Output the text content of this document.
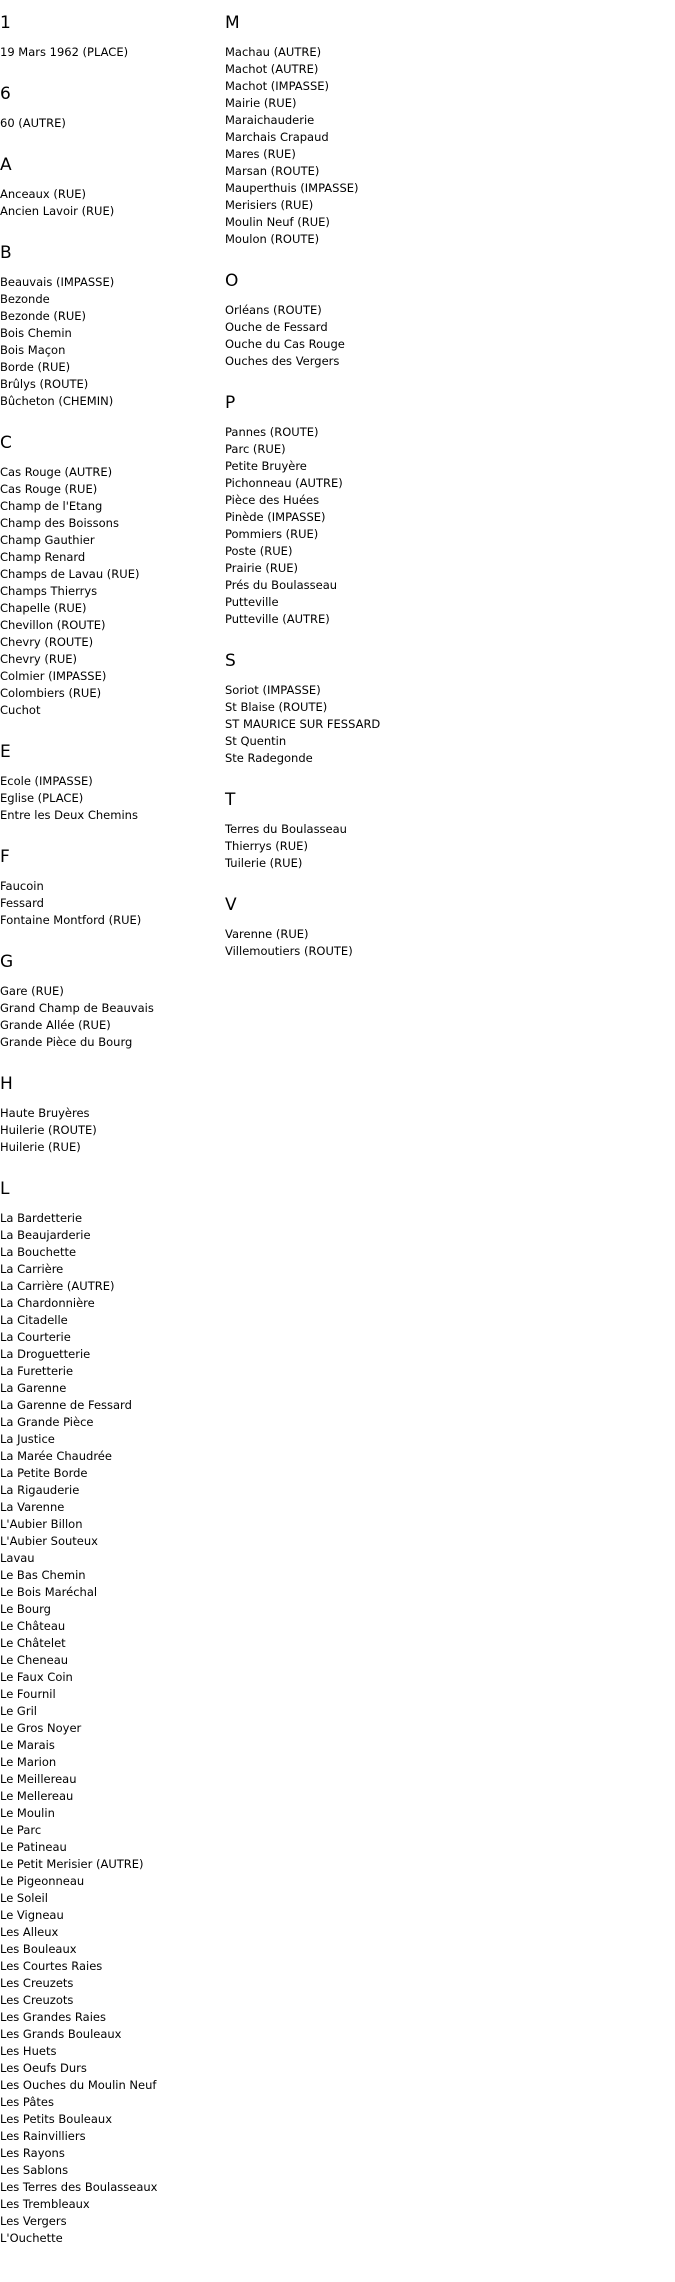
1
19 Mars 1962 (PLACE)
6
60 (AUTRE)
A
Anceaux (RUE)
Ancien Lavoir (RUE)
B
Beauvais (IMPASSE)
Bezonde
Bezonde (RUE)
Bois Chemin
Bois Maçon
Borde (RUE)
Brûlys (ROUTE)
Bûcheton (CHEMIN)
C
Cas Rouge (AUTRE)
Cas Rouge (RUE)
Champ de l'Etang
Champ des Boissons
Champ Gauthier
Champ Renard
Champs de Lavau (RUE)
Champs Thierrys
Chapelle (RUE)
Chevillon (ROUTE)
Chevry (ROUTE)
Chevry (RUE)
Colmier (IMPASSE)
Colombiers (RUE)
Cuchot
E
Ecole (IMPASSE)
Eglise (PLACE)
Entre les Deux Chemins
F
Faucoin
Fessard
Fontaine Montford (RUE)
G
Gare (RUE)
Grand Champ de Beauvais
Grande Allée (RUE)
Grande Pièce du Bourg
H
Haute Bruyères
Huilerie (ROUTE)
Huilerie (RUE)
L
La Bardetterie
La Beaujarderie
La Bouchette
La Carrière
La Carrière (AUTRE)
La Chardonnière
La Citadelle
La Courterie
La Droguetterie
La Furetterie
La Garenne
La Garenne de Fessard
La Grande Pièce
La Justice
La Marée Chaudrée
La Petite Borde
La Rigauderie
La Varenne
L'Aubier Billon
L'Aubier Souteux
Lavau
Le Bas Chemin
Le Bois Maréchal
Le Bourg
Le Château
Le Châtelet
Le Cheneau
Le Faux Coin
Le Fournil
Le Gril
Le Gros Noyer
Le Marais
Le Marion
Le Meillereau
Le Mellereau
Le Moulin
Le Parc
Le Patineau
Le Petit Merisier (AUTRE)
Le Pigeonneau
Le Soleil
Le Vigneau
Les Alleux
Les Bouleaux
Les Courtes Raies
Les Creuzets
Les Creuzots
Les Grandes Raies
Les Grands Bouleaux
Les Huets
Les Oeufs Durs
Les Ouches du Moulin Neuf
Les Pâtes
Les Petits Bouleaux
Les Rainvilliers
Les Rayons
Les Sablons
Les Terres des Boulasseaux
Les Trembleaux
Les Vergers
L'Ouchette
M
Machau (AUTRE)
Machot (AUTRE)
Machot (IMPASSE)
Mairie (RUE)
Maraichauderie
Marchais Crapaud
Mares (RUE)
Marsan (ROUTE)
Mauperthuis (IMPASSE)
Merisiers (RUE)
Moulin Neuf (RUE)
Moulon (ROUTE)
O
Orléans (ROUTE)
Ouche de Fessard
Ouche du Cas Rouge
Ouches des Vergers
P
Pannes (ROUTE)
Parc (RUE)
Petite Bruyère
Pichonneau (AUTRE)
Pièce des Huées
Pinède (IMPASSE)
Pommiers (RUE)
Poste (RUE)
Prairie (RUE)
Prés du Boulasseau
Putteville
Putteville (AUTRE)
S
Soriot (IMPASSE)
St Blaise (ROUTE)
ST MAURICE SUR FESSARD
St Quentin
Ste Radegonde
T
Terres du Boulasseau
Thierrys (RUE)
Tuilerie (RUE)
V
Varenne (RUE)
Villemoutiers (ROUTE)
